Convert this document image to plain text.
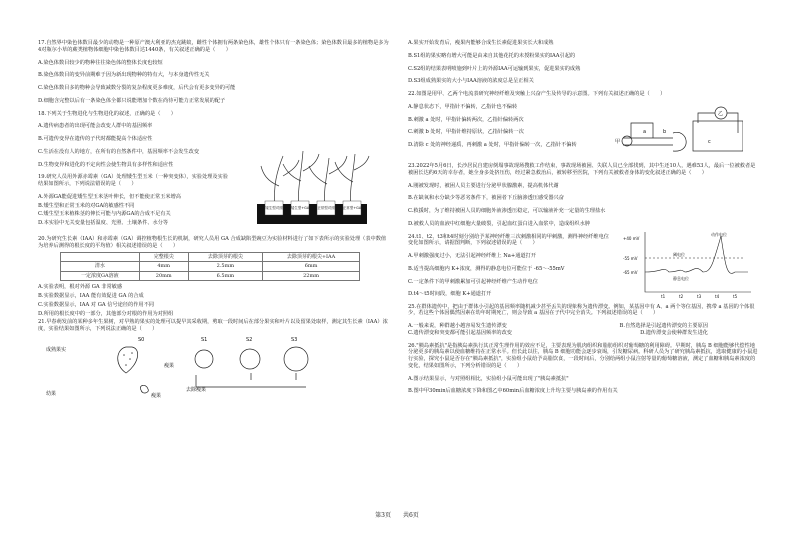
17.自然界中染色体数目最少的动物是一种原产澳大利亚的杰克跳蚁，雌性个体拥有两条染色体，雄性个体只有一条染色体；染色体数目最多的植物是多为4对瓶尔小草的蕨类植物体细胞中染色体数目达1440条，有关叙述正确的是（　　）

A.染色体数目较少的物种往往染色体的整体长度也较短

B.染色体数目的变异前期难于因为新出现物种的特有大，与本身遗传性无关

C.染色体数目多的物种会导致减数分裂的复杂程度更多难度，后代会有更多变异的可能

D.细胞含完整以后有一条染色体全都只说能增加个数在尚待可能力正常发展的配子

18.下列关于生物进化与生物进化的叙述，正确的是（　　）

A.遗传病患者的出现可能会改变人群中的基因频率

B.可遗传变异在遗传的子代时都能提高个体适应性

C.生活在没有人的地方，在所有的自然条件中，基因频率不会发生改变

D.生物变异和进化的不定向性会使生物具有多样性和适应性

19.研究人员用外源赤霉素（GA）处理矮生型玉米（一种突变体），实验处理及实验结果如图所示，下列说法错误的是（　　）

A.外源GA能促进矮生型玉米茎叶伸长，但不能使正常玉米增高

B.矮生型和正常玉米的对GA的敏感性不同

C.矮生型玉米植株茎的伸长可能与内源GA的合成不足有关

D.本实验中无关变量包括温度、光照、土壤条件、水分等

矮生型对照 矮生型+GA 正常型对照 正常型+GA

20.为研究生长素（IAA）和赤霉素（GA）调控植物根生长的机制，研究人员用 GA 合成缺陷型豌豆为实验材料进行了如下表所示的实验处理（表中数值为培养后测得的根长度的平均值）相关叙述错误的是（　　）

	完整根尖	去除顶芽的根尖	去除顶芽的根尖+IAA
清水	4mm	2.5mm	6mm
一定浓度GA溶液	20mm	6.5mm	22mm

A.实验表明，根对外源 GA 非常敏感

B.实验数据显示，IAA 能有效促进 GA 的合成

C.实验数据显示，IAA 对 GA 信号途径的作用不同

D.所用的根长度中的一部分，其他部分对根的作用为对照组

21.早春萌发前的某种多年生果树，对早熟的果实的处理可以提早其采收期，剪取一段时间后在部分果实和叶片以及留果处取样，测定其生长素（IAA）浓度，实验结果如图所示，下列说法正确的是（　　）

成熟果实
幼果
S0	S1	S2	S3
瘦果
去除瘦果
瘦果

A.果实开始发育后，瘦果内能够合成生长素促进果实长大和成熟

B.S1组的果实略有增大可能是由来自其他花托的未授粉果实的IAA引起的

C.S2组的结果表明喷施到叶片上的外源IAA可运输到果实，促进果实的成熟

D.S3组成熟果实的大小与IAA溶液的浓度总是呈正相关

22.如图是用甲、乙两个电流表研究神经纤维及突触上兴奋产生及传导的示意图。下列有关叙述正确的是（　　）

A.静息状态下，甲指针不偏转，乙指针也不偏转

B.刺激 a 处时，甲指针偏转两次，乙指针偏转两次

C.刺激 b 处时，甲指针维持原状，乙指针偏转一次

D.清除 c 处的神经递质，再刺激 a 处时，甲指针偏转一次，乙指针不偏转	甲
乙
a	b
c

23.2022年5月6日，长沙居民自建房倒塌事故现场搜救工作结束，事故现场被困、失联人员已全部找到，其中生还10人，遇难53人，最后一位被救者是被困长达约6天的幸存者，她全身多处挤压伤，经过紧急救治后，被转移至医院，下列有关被救者身体的变化叙述正确的是（　　）

A.刚被发现时，被困人员主要进行分泌甲状腺激素，提高机体代谢

B.在缺氧和水分缺少等恶劣条件下，被困者下丘脑渗透压感受器兴奋

C.救援时，为了维持被困人员的细胞外液渗透压稳定，可以输液补充一定量的生理盐水

D.被救人员的血液中红细胞大量破裂，引起血红蛋白进入血浆中，造成组织水肿

24.t1、t2、t3和t4时刻分别给予某神经纤维三次刺激相同的甲刺激，测得神经纤维电位变化如图所示，请据图判断，下列叙述错误的是（　　）

A.甲刺激强度过小，无法引起神经纤维上 Na+通道打开

B.适当提高细胞内 K+浓度，测得的静息电位可能位于 -65～-55mV

C.一定条件下的甲刺激累加可引起神经纤维产生动作电位

D.t4～t5时间段，细胞 K+通道打开

动作电位
+40 mV
-55 mV
-65 mV
阈电位
静息电位
t1	t2	t3	t4	t5

25.在群体遗传中，把由于群体小引起的基因频率随机减少甚至丢失的现象称为遗传漂变。例如，某基因中有 A、a 两个等位基因，携带 a 基因的个体很少，若这些个体因偶然因素在幼年时期死亡，则会导致 a 基因在子代中完全消失。下列叙述错误的是（　　）

A.一般来说，种群越小越容易发生遗传漂变	B.自然选择是引起遗传漂变的主要原因
C.遗传漂变和突变都可能引起基因频率的改变	D.遗传漂变会使种群发生进化

26."胰岛素抵抗"是指胰岛素执行其正常生理作用的效应不足，主要表现为肌肉组织和脂肪组织对葡萄糖的利用障碍。早期时，胰岛 B 细胞能够代偿性地分泌更多的胰岛素以使血糖维持在正常水平。但长此以往，胰岛 B 细胞功能会逐步衰竭，引发糖尿病。科研人员为了研究胰岛素抵抗，选取健康的小鼠进行实验，探究小鼠是否存在"胰岛素抵抗"，实验组小鼠给予高脂饮食，一段时间后，分别给两组小鼠注射等量的葡萄糖溶液，测定了血糖和胰岛素浓度的变化，结果如图所示，下列分析错误的是（　　）

A.图示结果显示，与对照组相比，实验组小鼠可能出现了"胰岛素抵抗"

B.图中甲30min后血糖浓度下降和图乙中60min后血糖浓度上升均主要与胰岛素的作用有关

第3页　　共6页
